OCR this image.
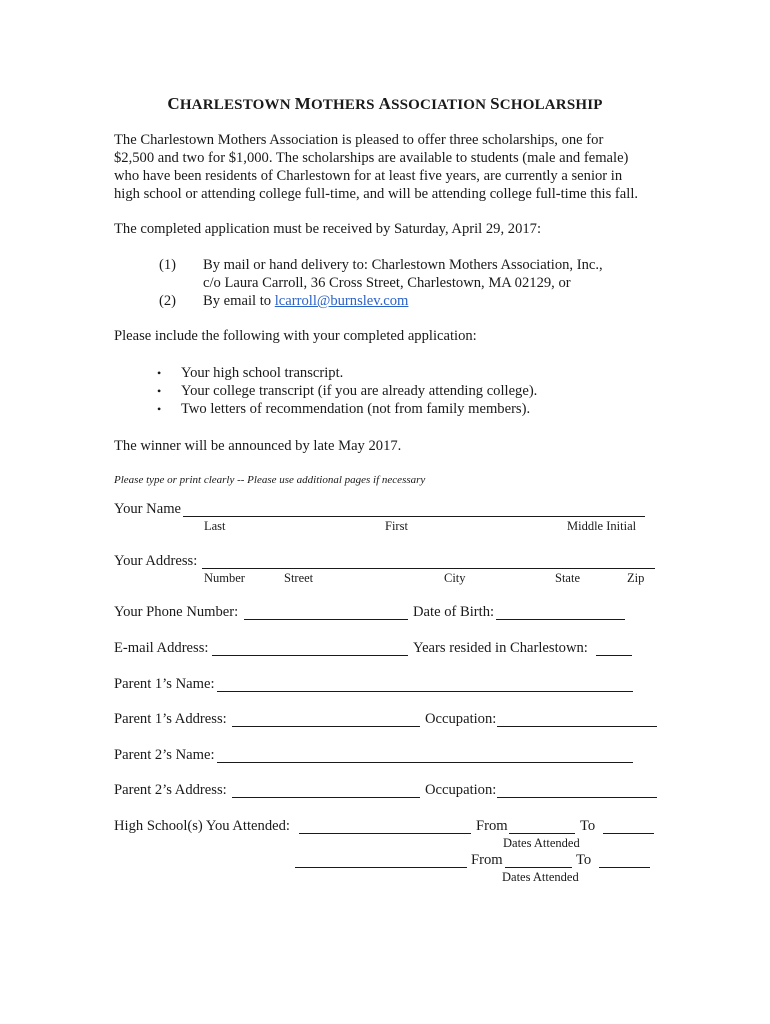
CHARLESTOWN MOTHERS ASSOCIATION SCHOLARSHIP
The Charlestown Mothers Association is pleased to offer three scholarships, one for
$2,500 and two for $1,000. The scholarships are available to students (male and female)
who have been residents of Charlestown for at least five years, are currently a senior in
high school or attending college full-time, and will be attending college full-time this fall.
The completed application must be received by Saturday, April 29, 2017:
(1) By mail or hand delivery to: Charlestown Mothers Association, Inc.,
c/o Laura Carroll, 36 Cross Street, Charlestown, MA 02129, or
(2) By email to lcarroll@burnslev.com
Please include the following with your completed application:
• Your high school transcript.
• Your college transcript (if you are already attending college).
• Two letters of recommendation (not from family members).
The winner will be announced by late May 2017.
Please type or print clearly -- Please use additional pages if necessary
Your Name
Last	First	Middle Initial
Your Address:
Number	Street	City	State	Zip
Your Phone Number:	Date of Birth:
E-mail Address:	Years resided in Charlestown:
Parent 1’s Name:
Parent 1’s Address:	Occupation:
Parent 2’s Name:
Parent 2’s Address:	Occupation:
High School(s) You Attended:	From	To
Dates Attended
From	To
Dates Attended
